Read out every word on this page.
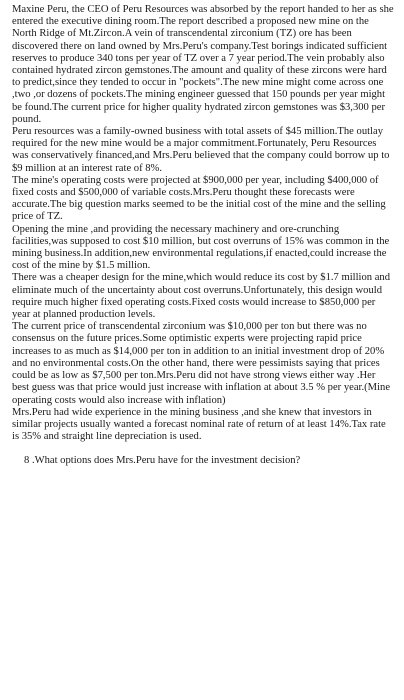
Maxine Peru, the CEO of Peru Resources was absorbed by the report handed to her as she entered the executive dining room.The report described a proposed new mine on the North Ridge of Mt.Zircon.A vein of transcendental zirconium (TZ) ore has been discovered there on land owned by Mrs.Peru's company.Test borings indicated sufficient reserves to produce 340 tons per year of TZ over a 7 year period.The vein probably also contained hydrated zircon gemstones.The amount and quality of these zircons were hard to predict,since they tended to occur in "pockets".The new mine might come across one ,two ,or dozens of pockets.The mining engineer guessed that 150 pounds per year might be found.The current price for higher quality hydrated zircon gemstones was $3,300 per pound.

Peru resources was a family-owned business with total assets of $45 million.The outlay required for the new mine would be a major commitment.Fortunately, Peru Resources was conservatively financed,and Mrs.Peru believed that the company could borrow up to $9 million at an interest rate of 8%.

The mine's operating costs were projected at $900,000 per year, including $400,000 of fixed costs and $500,000 of variable costs.Mrs.Peru thought these forecasts were accurate.The big question marks seemed to be the initial cost of the mine and the selling price of TZ.

Opening the mine ,and providing the necessary machinery and ore-crunching facilities,was supposed to cost $10 million, but cost overruns of 15% was common in the mining business.In addition,new environmental regulations,if enacted,could increase the cost of the mine by $1.5 million.

There was a cheaper design for the mine,which would reduce its cost by $1.7 million and eliminate much of the uncertainty about cost overruns.Unfortunately, this design would require much higher fixed operating costs.Fixed costs would increase to $850,000 per year at planned production levels.

The current price of transcendental zirconium was $10,000 per ton but there was no consensus on the future prices.Some optimistic experts were projecting rapid price increases to as much as $14,000 per ton in addition to an initial investment drop of 20% and no environmental costs.On the other hand, there were pessimists saying that prices could be as low as $7,500 per ton.Mrs.Peru did not have strong views either way .Her best guess was that price would just increase with inflation at about 3.5 % per year.(Mine operating costs would also increase with inflation)

Mrs.Peru had wide experience in the mining business ,and she knew that investors in similar projects usually wanted a forecast nominal rate of return of at least 14%.Tax rate is 35% and straight line depreciation is used.

8 .What options does Mrs.Peru have for the investment decision?
